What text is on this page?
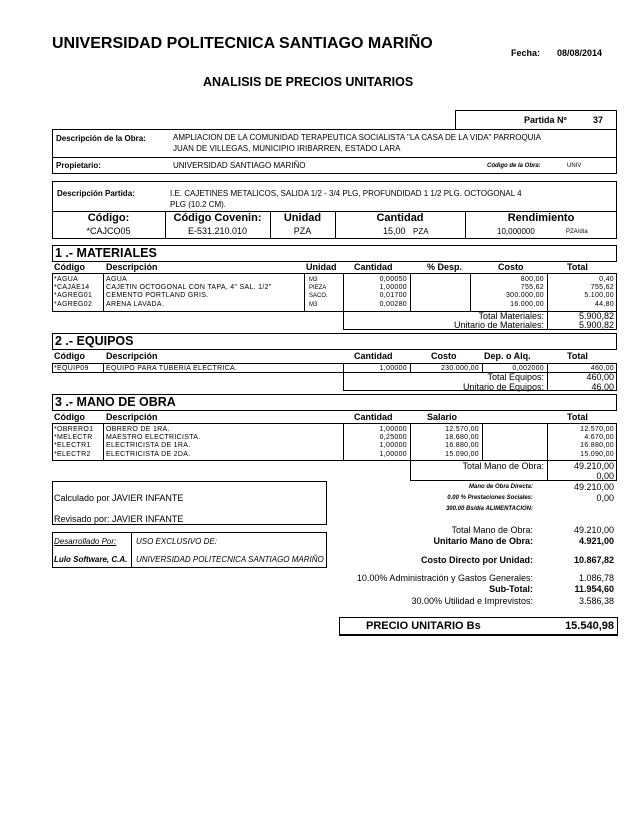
UNIVERSIDAD POLITECNICA SANTIAGO MARIÑO
Fecha: 08/08/2014
ANALISIS DE PRECIOS UNITARIOS
Partida Nº	37
Descripción de la Obra:	AMPLIACION DE LA COMUNIDAD TERAPEUTICA SOCIALISTA "LA CASA DE LA VIDA" PARROQUIA
JUAN DE VILLEGAS, MUNICIPIO IRIBARREN, ESTADO LARA
Propietario:	UNIVERSIDAD SANTIAGO MARIÑO	Código de la Obra:	UNIV
Descripción Partida:	I.E. CAJETINES METALICOS, SALIDA 1/2 - 3/4 PLG, PROFUNDIDAD 1 1/2 PLG. OCTOGONAL 4
PLG (10.2 CM).
Código:	Código Covenin:	Unidad	Cantidad	Rendimiento
*CAJCO05	E-531.210.010	PZA	15,00 PZA	10,000000	PZA/día
1 .- MATERIALES
Código Descripción	Unidad Cantidad	% Desp.	Costo	Total
*AGUA	AGUA	M3	0,00050	800,00	0,40
*CAJAE14 CAJETIN OCTOGONAL CON TAPA, 4" SAL. 1/2"	PIEZA	1,00000	755,62	755,62
*AGREG01 CEMENTO PORTLAND GRIS.	SACO.	0,01700	300.000,00	5.100,00
*AGREG02 ARENA LAVADA.	M3	0,00280	16.000,00	44,80
Total Materiales:	5.900,82
Unitario de Materiales:	5.900,82
2 .- EQUIPOS
Código Descripción	Cantidad	Costo	Dep. o Alq.	Total
*EQUIP09 EQUIPO PARA TUBERIA ELECTRICA.	1,00000	230.000,00	0,002000	460,00
Total Equipos:	460,00
Unitario de Equipos:	46,00
3 .- MANO DE OBRA
Código Descripción	Cantidad	Salario	Total
*OBRERO1 OBRERO DE 1RA.	1,00000	12.570,00	12.570,00
*MELECTR MAESTRO ELECTRICISTA.	0,25000	18.680,00	4.670,00
*ELECTR1 ELECTRICISTA DE 1RA.	1,00000	16.880,00	16.880,00
*ELECTR2 ELECTRICISTA DE 2DA.	1,00000	15.090,00	15.090,00
Total Mano de Obra:	49.210,00
0,00
Mano de Obra Directa:	49.210,00
0.00 % Prestaciones Sociales:	0,00
300.00 Bs/día ALIMENTACION:
Calculado por JAVIER INFANTE
Revisado por: JAVIER INFANTE
Total Mano de Obra:	49.210,00
Unitario Mano de Obra:	4.921,00
Desarrollado Por: USO EXCLUSIVO DE:
Lulo Software, C.A. UNIVERSIDAD POLITECNICA SANTIAGO MARIÑO	Costo Directo por Unidad:	10.867,82
10.00% Administración y Gastos Generales:	1.086,78
Sub-Total:	11.954,60
30.00% Utilidad e Imprevistos:	3.586,38
PRECIO UNITARIO Bs	15.540,98
